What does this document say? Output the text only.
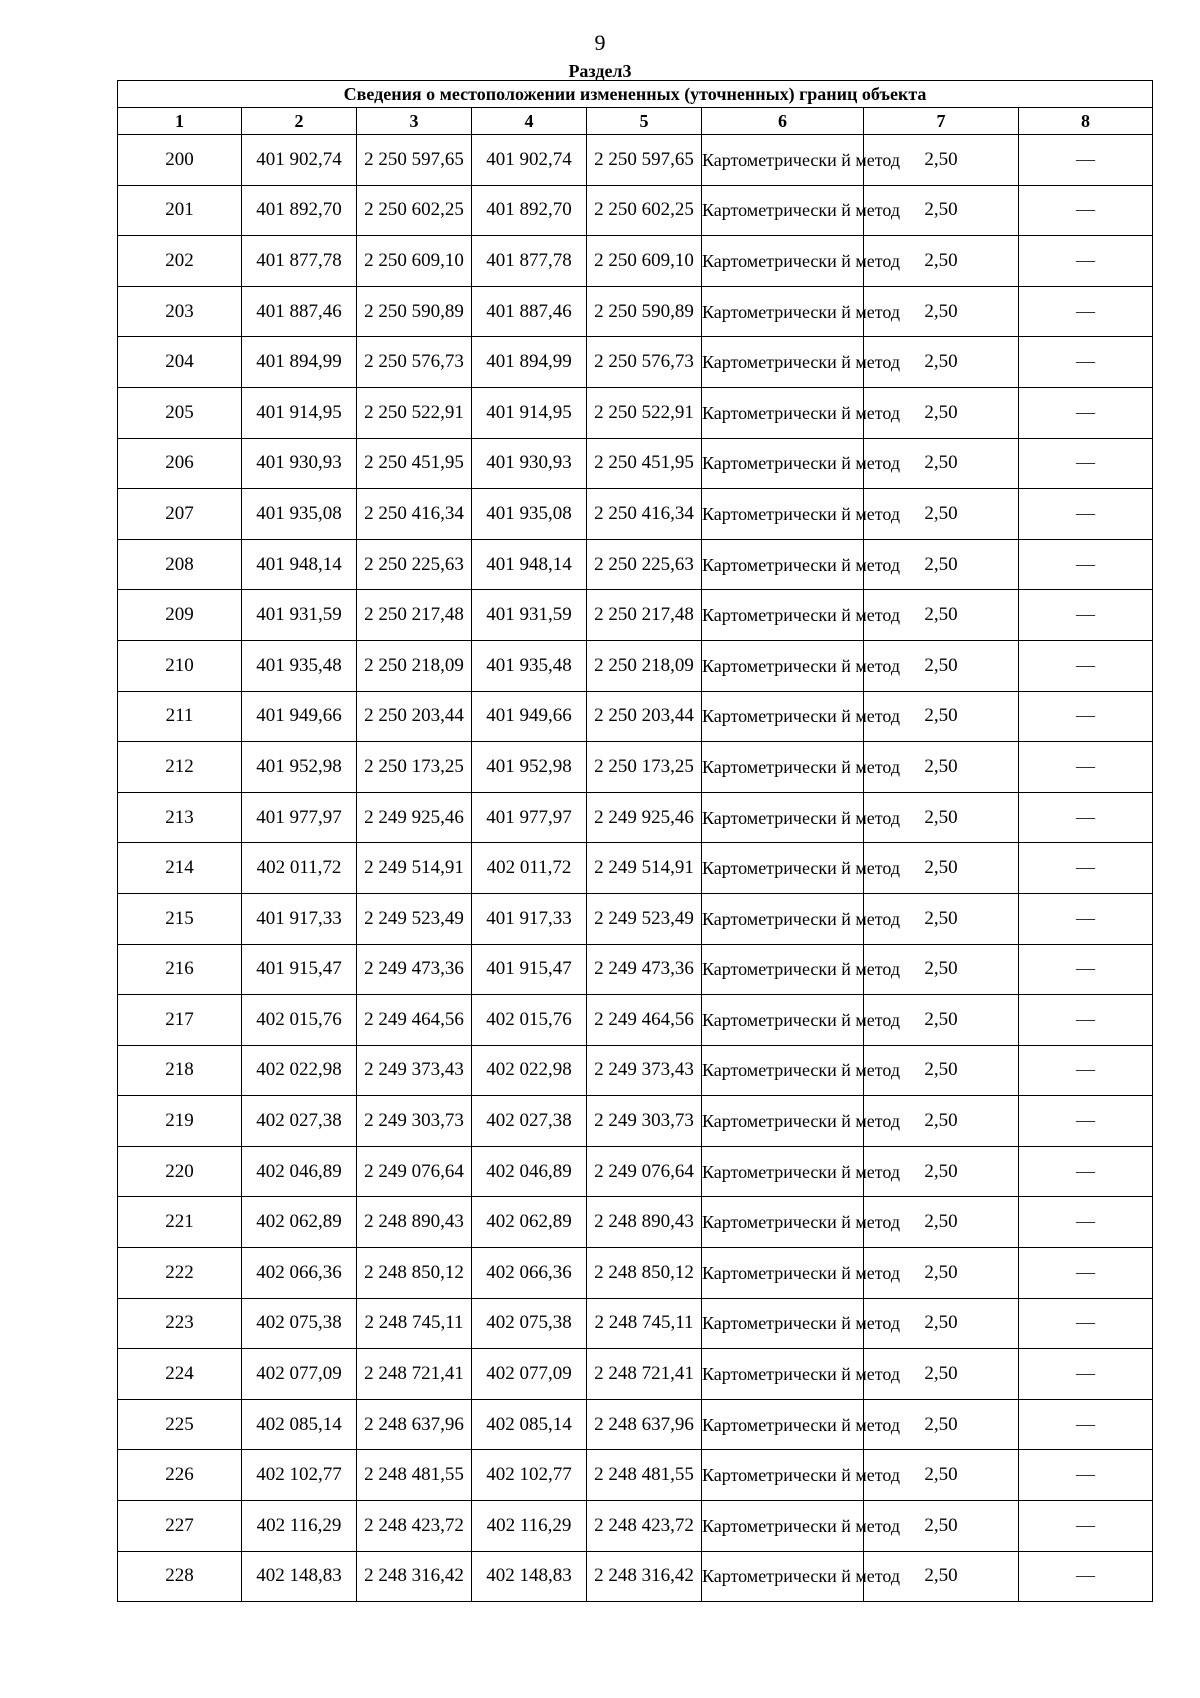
9
Раздел3
Сведения о местоположении измененных (уточненных) границ объекта							
1	2	3	4	5	6	7	8
200	401 902,74	2 250 597,65	401 902,74	2 250 597,65	Картометрически й метод	2,50	—
201	401 892,70	2 250 602,25	401 892,70	2 250 602,25	Картометрически й метод	2,50	—
202	401 877,78	2 250 609,10	401 877,78	2 250 609,10	Картометрически й метод	2,50	—
203	401 887,46	2 250 590,89	401 887,46	2 250 590,89	Картометрически й метод	2,50	—
204	401 894,99	2 250 576,73	401 894,99	2 250 576,73	Картометрически й метод	2,50	—
205	401 914,95	2 250 522,91	401 914,95	2 250 522,91	Картометрически й метод	2,50	—
206	401 930,93	2 250 451,95	401 930,93	2 250 451,95	Картометрически й метод	2,50	—
207	401 935,08	2 250 416,34	401 935,08	2 250 416,34	Картометрически й метод	2,50	—
208	401 948,14	2 250 225,63	401 948,14	2 250 225,63	Картометрически й метод	2,50	—
209	401 931,59	2 250 217,48	401 931,59	2 250 217,48	Картометрически й метод	2,50	—
210	401 935,48	2 250 218,09	401 935,48	2 250 218,09	Картометрически й метод	2,50	—
211	401 949,66	2 250 203,44	401 949,66	2 250 203,44	Картометрически й метод	2,50	—
212	401 952,98	2 250 173,25	401 952,98	2 250 173,25	Картометрически й метод	2,50	—
213	401 977,97	2 249 925,46	401 977,97	2 249 925,46	Картометрически й метод	2,50	—
214	402 011,72	2 249 514,91	402 011,72	2 249 514,91	Картометрически й метод	2,50	—
215	401 917,33	2 249 523,49	401 917,33	2 249 523,49	Картометрически й метод	2,50	—
216	401 915,47	2 249 473,36	401 915,47	2 249 473,36	Картометрически й метод	2,50	—
217	402 015,76	2 249 464,56	402 015,76	2 249 464,56	Картометрически й метод	2,50	—
218	402 022,98	2 249 373,43	402 022,98	2 249 373,43	Картометрически й метод	2,50	—
219	402 027,38	2 249 303,73	402 027,38	2 249 303,73	Картометрически й метод	2,50	—
220	402 046,89	2 249 076,64	402 046,89	2 249 076,64	Картометрически й метод	2,50	—
221	402 062,89	2 248 890,43	402 062,89	2 248 890,43	Картометрически й метод	2,50	—
222	402 066,36	2 248 850,12	402 066,36	2 248 850,12	Картометрически й метод	2,50	—
223	402 075,38	2 248 745,11	402 075,38	2 248 745,11	Картометрически й метод	2,50	—
224	402 077,09	2 248 721,41	402 077,09	2 248 721,41	Картометрически й метод	2,50	—
225	402 085,14	2 248 637,96	402 085,14	2 248 637,96	Картометрически й метод	2,50	—
226	402 102,77	2 248 481,55	402 102,77	2 248 481,55	Картометрически й метод	2,50	—
227	402 116,29	2 248 423,72	402 116,29	2 248 423,72	Картометрически й метод	2,50	—
228	402 148,83	2 248 316,42	402 148,83	2 248 316,42	Картометрически й метод	2,50	—
